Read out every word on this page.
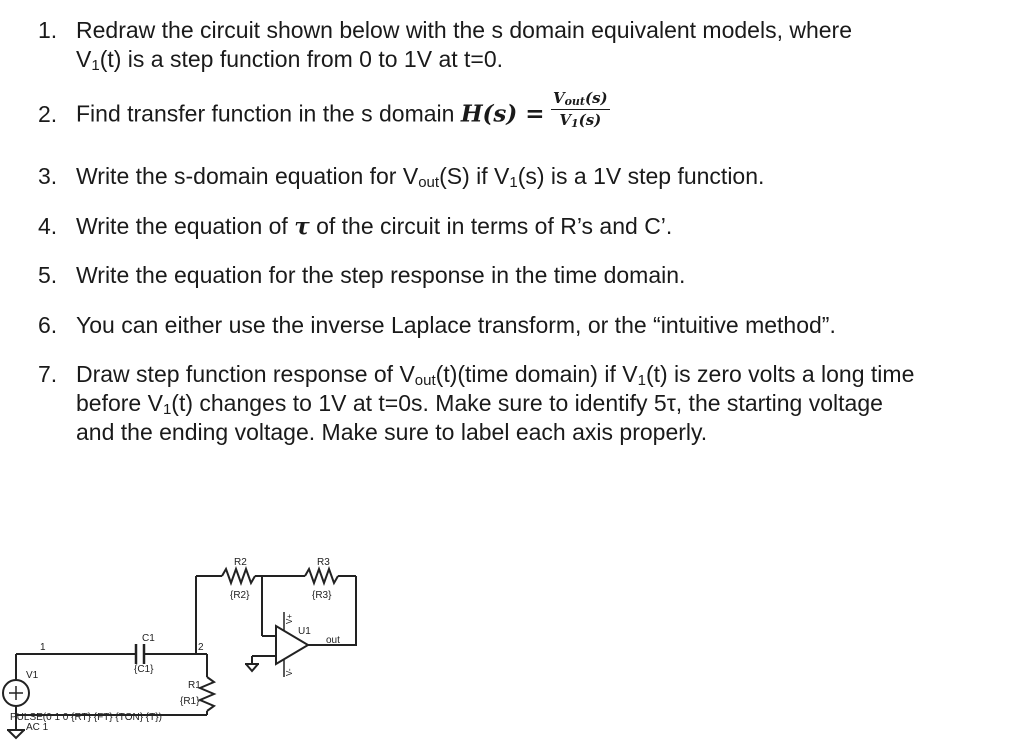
1. Redraw the circuit shown below with the s domain equivalent models, where
$V_1(t)$ is a step function from 0 to 1V at t=0.
2. Find transfer function in the s domain $H(s) = \frac{V_{out}(s)}{V_1(s)}$
3. Write the s-domain equation for $V_{out}(S)$ if $V_1(s)$ is a 1V step function.
4. Write the equation of τ of the circuit in terms of R’s and C’.
5. Write the equation for the step response in the time domain.
6. You can either use the inverse Laplace transform, or the “intuitive method”.
7. Draw step function response of $V_{out}(t)(time$ domain) if $V_1(t)$ is zero volts a long time
before $V_1(t)$ changes to 1V at t=0s. Make sure to identify 5τ, the starting voltage
and the ending voltage. Make sure to label each axis properly.
R2
{R2}
R3
{R3}
U1
out
C1
{C1}
1	2
R1
{R1}
V1
PULSE(0 1 0 {RT} {FT} {TON} {T})
AC 1
V+
V-
